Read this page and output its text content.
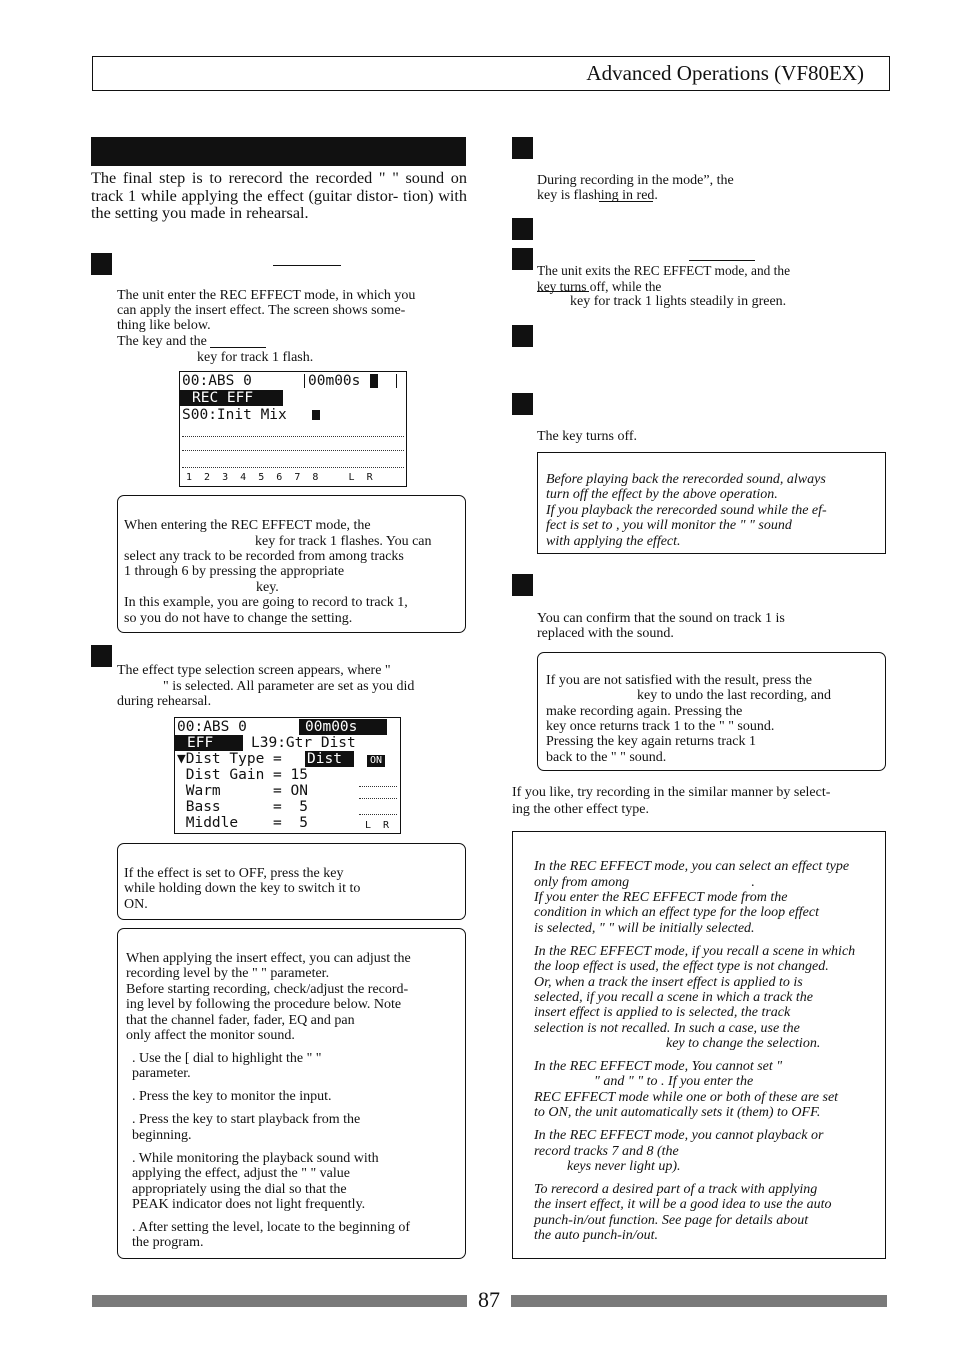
Advanced Operations (VF80EX)

The final step is to rerecord the recorded " " sound on track 1 while applying the effect (guitar distor- tion) with the setting you made in rehearsal.

The unit enter the REC EFFECT mode, in which you
can apply the insert effect. The screen shows some-
thing like below.
The key and the
key for track 1 flash.
00:ABS 0	00m00s
REC EFF
S00:Init Mix
1  2  3  4  5  6  7  8     L  R
When entering the REC EFFECT mode, the
key for track 1 flashes. You can
select any track to be recorded from among tracks
1 through 6 by pressing the appropriate
key.
In this example, you are going to record to track 1,
so you do not have to change the setting.
The effect type selection screen appears, where "
" is selected. All parameter are set as you did
during rehearsal.
00:ABS 0	00m00s
EFF	L39:Gtr Dist
▼Dist Type = Dist	ON
Dist Gain = 15
Warm      = ON
Bass      =  5
Middle    =  5	L  R
If the effect is set to OFF, press the key
while holding down the key to switch it to
ON.
When applying the insert effect, you can adjust the
recording level by the " " parameter.
Before starting recording, check/adjust the record-
ing level by following the procedure below. Note
that the channel fader, fader, EQ and pan
only affect the monitor sound.
. Use the [ dial to highlight the " "
parameter.
. Press the key to monitor the input.
. Press the key to start playback from the
beginning.
. While monitoring the playback sound with
applying the effect, adjust the " " value
appropriately using the dial so that the
PEAK indicator does not light frequently.
. After setting the level, locate to the beginning of
the program.
During recording in the mode”, the
key is flashing in red.
The unit exits the REC EFFECT mode, and the
key turns off, while the
key for track 1 lights steadily in green.
The key turns off.
Before playing back the rerecorded sound, always
turn off the effect by the above operation.
If you playback the rerecorded sound while the ef-
fect is set to , you will monitor the " " sound
with applying the effect.
You can confirm that the sound on track 1 is
replaced with the sound.
If you are not satisfied with the result, press the
key to undo the last recording, and
make recording again. Pressing the
key once returns track 1 to the " " sound.
Pressing the key again returns track 1
back to the " " sound.
If you like, try recording in the similar manner by select-
ing the other effect type.
In the REC EFFECT mode, you can select an effect type
only from among	.
If you enter the REC EFFECT mode from the
condition in which an effect type for the loop effect
is selected, " " will be initially selected.
In the REC EFFECT mode, if you recall a scene in which
the loop effect is used, the effect type is not changed.
Or, when a track the insert effect is applied to is
selected, if you recall a scene in which a track the
insert effect is applied to is selected, the track
selection is not recalled. In such a case, use the
key to change the selection.
In the REC EFFECT mode, You cannot set "
" and " " to . If you enter the
REC EFFECT mode while one or both of these are set
to ON, the unit automatically sets it (them) to OFF.
In the REC EFFECT mode, you cannot playback or
record tracks 7 and 8 (the
keys never light up).
To rerecord a desired part of a track with applying
the insert effect, it will be a good idea to use the auto
punch-in/out function. See page for details about
the auto punch-in/out.
87
